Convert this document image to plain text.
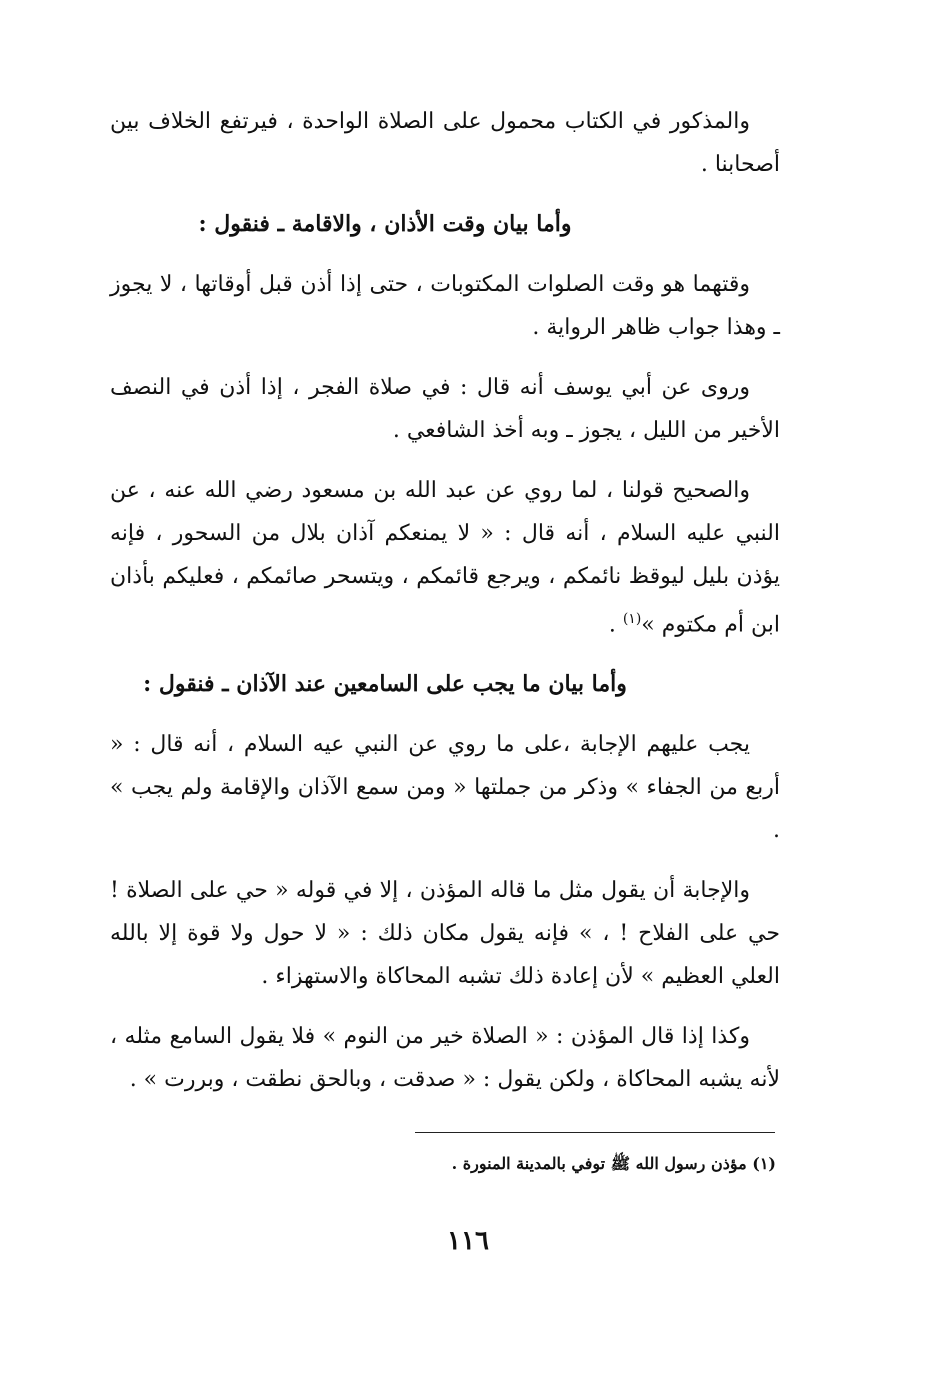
والمذكور في الكتاب محمول على الصلاة الواحدة ، فيرتفع الخلاف بين أصحابنا .

وأما بيان وقت الأذان ، والاقامة ـ فنقول :

وقتهما هو وقت الصلوات المكتوبات ، حتى إذا أذن قبل أوقاتها ، لا يجوز ـ وهذا جواب ظاهر الرواية .

وروى عن أبي يوسف أنه قال : في صلاة الفجر ، إذا أذن في النصف الأخير من الليل ، يجوز ـ وبه أخذ الشافعي .

والصحيح قولنا ، لما روي عن عبد الله بن مسعود رضي الله عنه ، عن النبي عليه السلام ، أنه قال : « لا يمنعكم آذان بلال من السحور ، فإنه يؤذن بليل ليوقظ نائمكم ، ويرجع قائمكم ، ويتسحر صائمكم ، فعليكم بأذان ابن أم مكتوم »$^{(١)}$ .

وأما بيان ما يجب على السامعين عند الآذان ـ فنقول :

يجب عليهم الإجابة ،على ما روي عن النبي عيه السلام ، أنه قال : « أربع من الجفاء » وذكر من جملتها « ومن سمع الآذان والإقامة ولم يجب » .

والإجابة أن يقول مثل ما قاله المؤذن ، إلا في قوله « حي على الصلاة ! حي على الفلاح ! ، » فإنه يقول مكان ذلك : « لا حول ولا قوة إلا بالله العلي العظيم » لأن إعادة ذلك تشبه المحاكاة والاستهزاء .

وكذا إذا قال المؤذن : « الصلاة خير من النوم » فلا يقول السامع مثله ، لأنه يشبه المحاكاة ، ولكن يقول : « صدقت ، وبالحق نطقت ، وبررت » .

(١) مؤذن رسول الله ﷺ توفي بالمدينة المنورة .
١١٦
